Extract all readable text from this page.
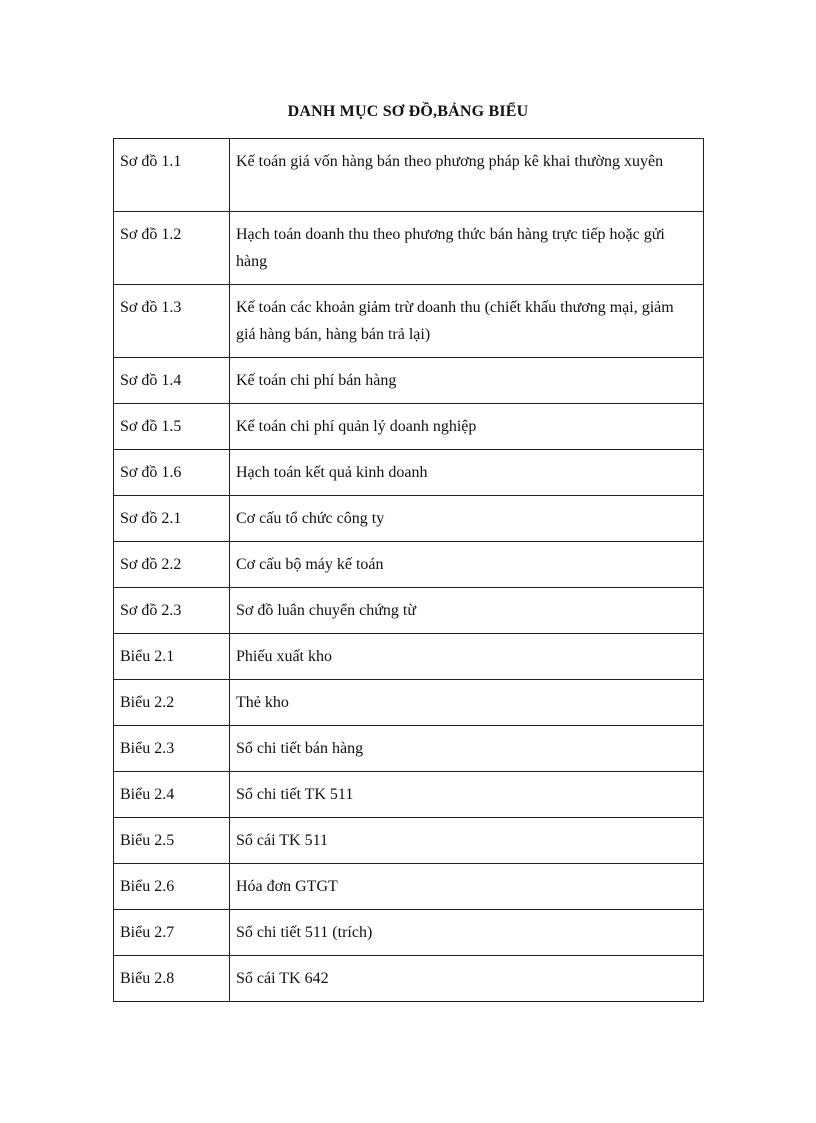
DANH MỤC SƠ ĐỒ,BẢNG BIỂU
Sơ đồ 1.1	Kế toán giá vốn hàng bán theo phương pháp kê khai thường xuyên
Sơ đồ 1.2	Hạch toán doanh thu theo phương thức bán hàng trực tiếp hoặc gửi hàng
Sơ đồ 1.3	Kế toán các khoản giảm trừ doanh thu (chiết khấu thương mại, giảm giá hàng bán, hàng bán trả lại)
Sơ đồ 1.4	Kế toán chi phí bán hàng
Sơ đồ 1.5	Kế toán chi phí quản lý doanh nghiệp
Sơ đồ 1.6	Hạch toán kết quả kinh doanh
Sơ đồ 2.1	Cơ cấu tổ chức công ty
Sơ đồ 2.2	Cơ cấu bộ máy kế toán
Sơ đồ 2.3	Sơ đồ luân chuyển chứng từ
Biểu 2.1	Phiếu xuất kho
Biểu 2.2	Thẻ kho
Biểu 2.3	Sổ chi tiết bán hàng
Biểu 2.4	Sổ chi tiết TK 511
Biểu 2.5	Sổ cái TK 511
Biểu 2.6	Hóa đơn GTGT
Biểu 2.7	Sổ chi tiết 511 (trích)
Biểu 2.8	Sổ cái TK 642
